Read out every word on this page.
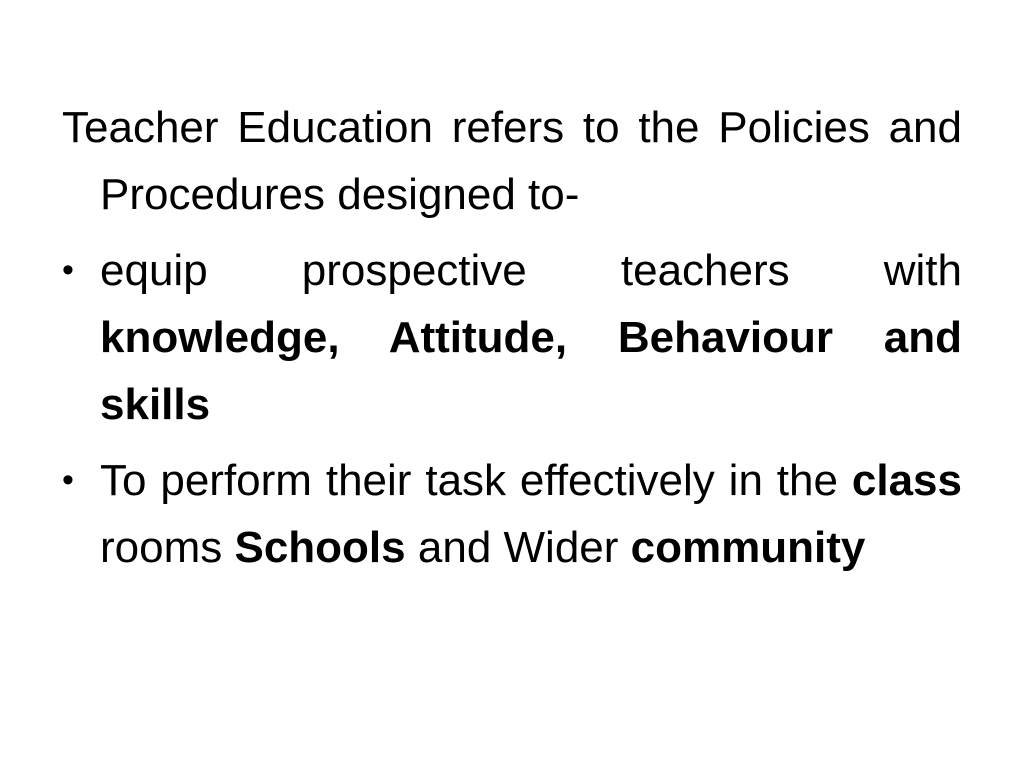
Teacher Education refers to the Policies and Procedures designed to-

• equip prospective teachers with knowledge, Attitude, Behaviour and skills
• To perform their task effectively in the class rooms Schools and Wider community
